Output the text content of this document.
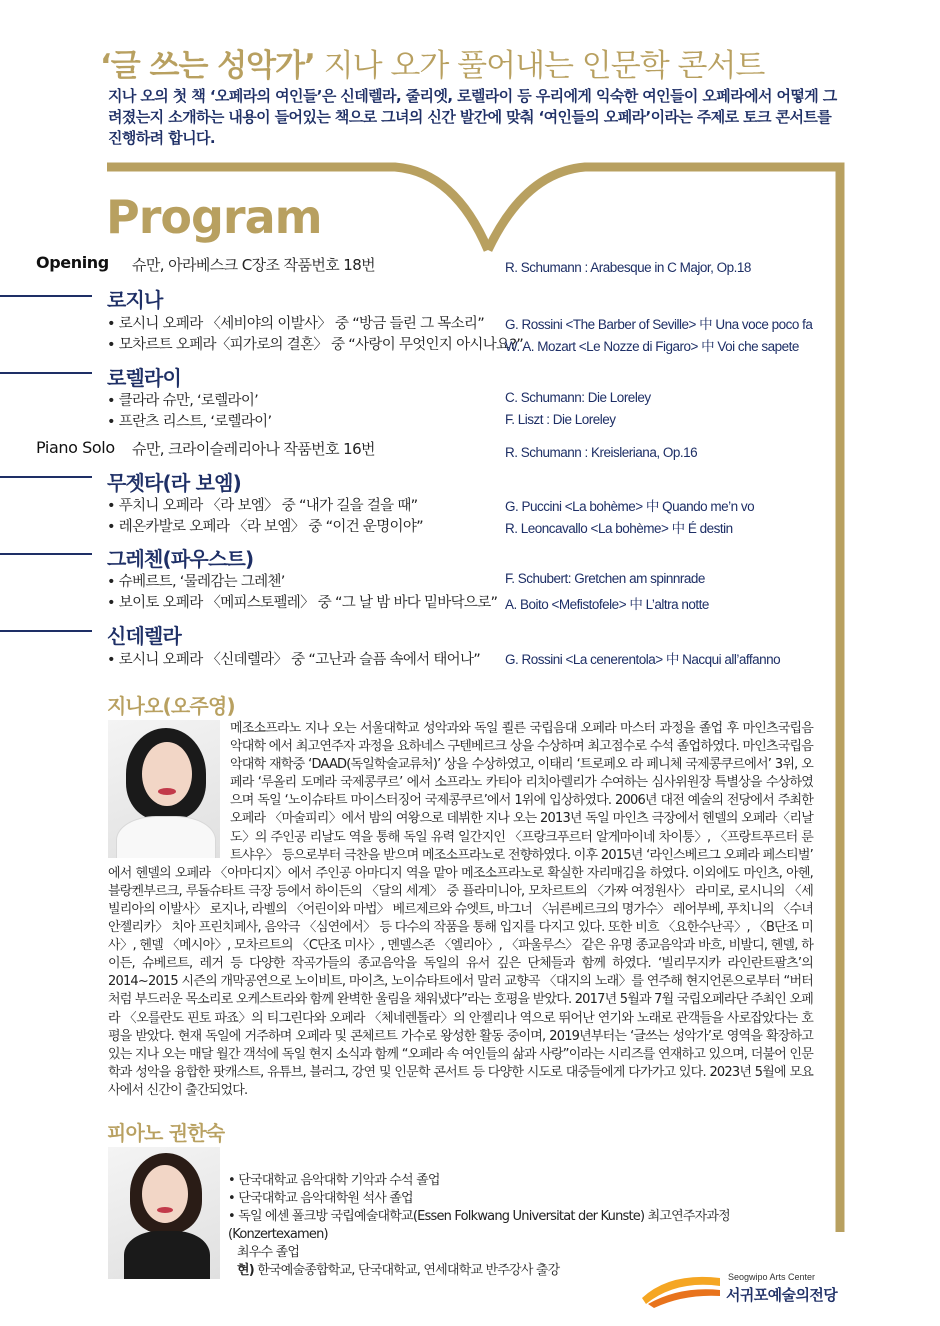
‘글 쓰는 성악가’ 지나 오가 풀어내는 인문학 콘서트

지나 오의 첫 책 ‘오페라의 여인들’은 신데렐라, 줄리엣, 로렐라이 등 우리에게 익숙한 여인들이 오페라에서 어떻게 그려졌는지 소개하는 내용이 들어있는 책으로 그녀의 신간 발간에 맞춰 ‘여인들의 오페라’이라는 주제로 토크 콘서트를 진행하려 합니다.

Program
Opening 슈만, 아라베스크 C장조 작품번호 18번	R. Schumann : Arabesque in C Major, Op.18
로지나
• 로시니 오페라 〈세비야의 이발사〉 중 “방금 들린 그 목소리” G. Rossini <The Barber of Seville> 中 Una voce poco fa
• 모차르트 오페라〈피가로의 결혼〉 중 “사랑이 무엇인지 아시나요?”
W. A. Mozart <Le Nozze di Figaro> 中 Voi che sapete
로렐라이
• 클라라 슈만, ‘로렐라이’	C. Schumann: Die Loreley
• 프란츠 리스트, ‘로렐라이’	F. Liszt : Die Loreley
Piano Solo 슈만, 크라이슬레리아나 작품번호 16번	R. Schumann : Kreisleriana, Op.16
무젯타(라 보엠)
• 푸치니 오페라 〈라 보엠〉 중 “내가 길을 걸을 때”	G. Puccini <La bohème> 中 Quando me’n vo
• 레온카발로 오페라 〈라 보엠〉 중 “이건 운명이야”	R. Leoncavallo <La bohème> 中 É destin
그레첸(파우스트)
• 슈베르트, ‘물레감는 그레첸’	F. Schubert: Gretchen am spinnrade
• 보이토 오페라 〈메피스토펠레〉 중 “그 날 밤 바다 밑바닥으로” A. Boito <Mefistofele> 中 L’altra notte
신데렐라
• 로시니 오페라 〈신데렐라〉 중 “고난과 슬픔 속에서 태어나” G. Rossini <La cenerentola> 中 Nacqui all’affanno
지나오(오주영)
메조소프라노 지나 오는 서울대학교 성악과와 독일 쾰른 국립음대 오페라 마스터 과정을 졸업 후 마인츠국립음악대학 에서 최고연주자 과정을 요하네스 구텐베르크 상을 수상하며 최고점수로 수석 졸업하였다. 마인츠국립음악대학 재학중 ‘DAAD(독일학술교류처)’ 상을 수상하였고, 이태리 ‘트로페오 라 페니체 국제콩쿠르에서’ 3위, 오페라 ‘루올리 도메라 국제콩쿠르’ 에서 소프라노 카티아 리치아렐리가 수여하는 심사위원장 특별상을 수상하였으며 독일 ‘노이슈타트 마이스터징어 국제콩쿠르’에서 1위에 입상하였다. 2006년 대전 예술의 전당에서 주최한 오페라 〈마술피리〉에서 밤의 여왕으로 데뷔한 지나 오는 2013년 독일 마인츠 극장에서 헨델의 오페라〈리날도〉의 주인공 리날도 역을 통해 독일 유력 일간지인 〈프랑크푸르터 알게마이네 차이퉁〉, 〈프랑트푸르터 룬트샤우〉 등으로부터 극찬을 받으며 메조소프라노로 전향하였다. 이후 2015년 ‘라인스베르그 오페라 페스티벌’ 에서 헨델의 오페라 〈아마디지〉에서 주인공 아마디지 역을 맡아 메조소프라노로 확실한 자리매김을 하였다. 이외에도 마인츠, 아헨, 블랑켄부르크, 루돌슈타트 극장 등에서 하이든의 〈달의 세계〉 중 플라미니아, 모차르트의 〈가짜 여정원사〉 라미로, 로시니의 〈세빌리아의 이발사〉 로지나, 라벨의 〈어린이와 마법〉 베르제르와 슈엣트, 바그너 〈뉘른베르크의 명가수〉 레어부베, 푸치니의 〈수녀 안젤리카〉 치아 프린치페사, 음악극 〈심연에서〉 등 다수의 작품을 통해 입지를 다지고 있다. 또한 비흐 〈요한수난곡〉, 〈B단조 미사〉, 헨델 〈메시아〉, 모차르트의 〈C단조 미사〉, 멘델스존 〈엘리아〉, 〈파울루스〉 같은 유명 종교음악과 바흐, 비발디, 헨델, 하이든, 슈베르트, 레거 등 다양한 작곡가들의 종교음악을 독일의 유서 깊은 단체들과 함께 하였다. ‘빌리무지카 라인란트팔츠’의 2014~2015 시즌의 개막공연으로 노이비트, 마이츠, 노이슈타트에서 말러 교향곡 〈대지의 노래〉를 연주해 현지언론으로부터 “버터처럼 부드러운 목소리로 오케스트라와 함께 완벽한 울림을 채워냈다”라는 호평을 받았다. 2017년 5월과 7월 국립오페라단 주최인 오페라 〈오를란도 핀토 파죠〉의 티그린다와 오페라 〈체네렌톨라〉의 안젤리나 역으로 뛰어난 연기와 노래로 관객들을 사로잡았다는 호평을 받았다. 현재 독일에 거주하며 오페라 및 콘체르트 가수로 왕성한 활동 중이며, 2019년부터는 ‘글쓰는 성악가’로 영역을 확장하고 있는 지나 오는 매달 월간 객석에 독일 현지 소식과 함께 “오페라 속 여인들의 삶과 사랑”이라는 시리즈를 연재하고 있으며, 더불어 인문학과 성악을 융합한 팟캐스트, 유튜브, 블러그, 강연 및 인문학 콘서트 등 다양한 시도로 대중들에게 다가가고 있다. 2023년 5월에 모요사에서 신간이 출간되었다.
피아노 권한숙
• 단국대학교 음악대학 기악과 수석 졸업
• 단국대학교 음악대학원 석사 졸업
• 독일 에센 폴크방 국립예술대학교(Essen Folkwang Universitat der Kunste) 최고연주자과정(Konzertexamen)
최우수 졸업
현) 한국예술종합학교, 단국대학교, 연세대학교 반주강사 출강	Seogwipo Arts Center
서귀포예술의전당
